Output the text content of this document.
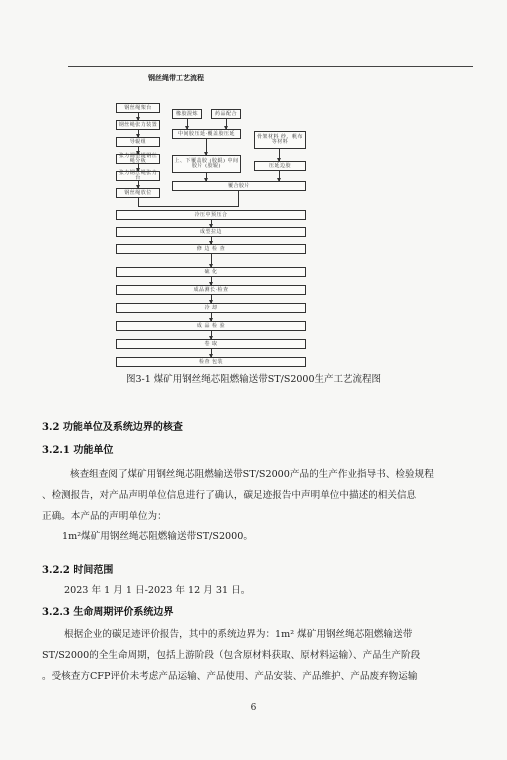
钢丝绳带工艺流程
钢丝绳架台
钢丝绳张力装置
导辊组
张力调整辊钢丝绳分板
张力钢丝绳张力台
钢丝绳放位
橡胶混炼	药品配合
中间胶压延·覆盖胶压延
上、下覆盖胶 (胶辊) 中间胶片 (胶辊)
骨架材料 纱、帆布等材料
压延边胶
覆合胶片
冷压中预压合
成型拉边
修 边 检 查
硫 化
成品测长·检查
冷 却
成 品 检 验
卷 取
检查 包装
图3-1 煤矿用钢丝绳芯阻燃输送带ST/S2000生产工艺流程图
3.2 功能单位及系统边界的核查
3.2.1 功能单位
核查组查阅了煤矿用钢丝绳芯阻燃输送带ST/S2000产品的生产作业指导书、检验规程
、检测报告，对产品声明单位信息进行了确认，碳足迹报告中声明单位中描述的相关信息
正确。本产品的声明单位为：
1m²煤矿用钢丝绳芯阻燃输送带ST/S2000。
3.2.2 时间范围
2023 年 1 月 1 日-2023 年 12 月 31 日。
3.2.3 生命周期评价系统边界
根据企业的碳足迹评价报告，其中的系统边界为：1m² 煤矿用钢丝绳芯阻燃输送带
ST/S2000的全生命周期，包括上游阶段（包含原材料获取、原材料运输）、产品生产阶段
。受核查方CFP评价未考虑产品运输、产品使用、产品安装、产品维护、产品废弃物运输
6
